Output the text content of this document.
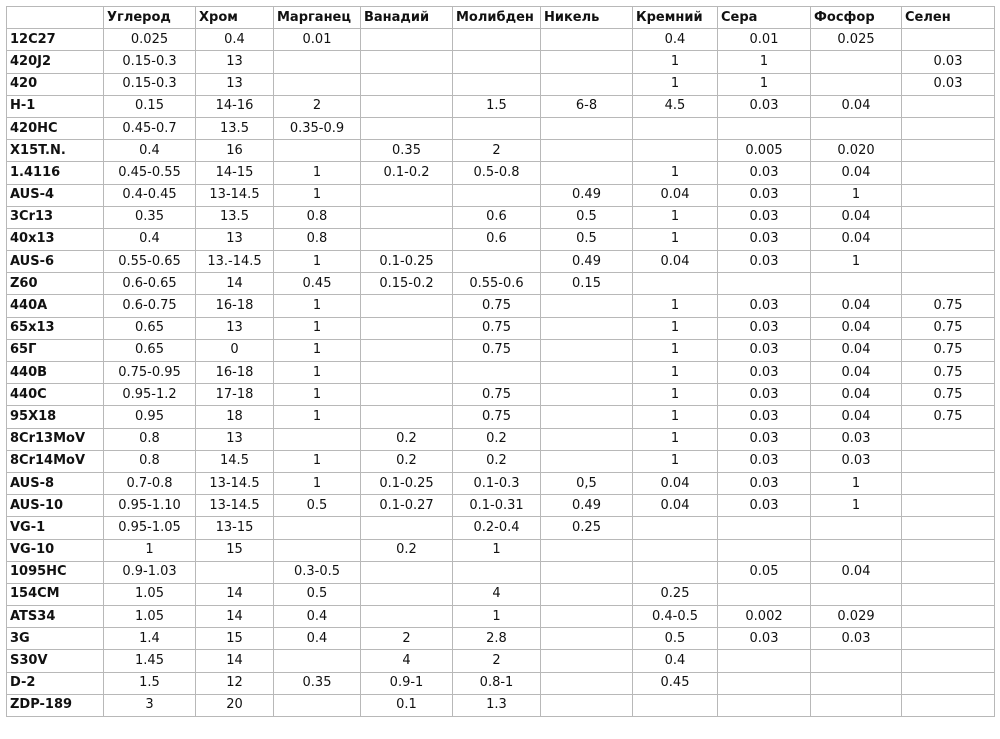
	Углерод	Хром	Марганец	Ванадий	Молибден	Никель	Кремний	Сера	Фосфор	Селен
12C27	0.025	0.4	0.01				0.4	0.01	0.025	
420J2	0.15-0.3	13					1	1		0.03
420	0.15-0.3	13					1	1		0.03
H-1	0.15	14-16	2		1.5	6-8	4.5	0.03	0.04	
420HC	0.45-0.7	13.5	0.35-0.9							
X15T.N.	0.4	16		0.35	2			0.005	0.020	
1.4116	0.45-0.55	14-15	1	0.1-0.2	0.5-0.8		1	0.03	0.04	
AUS-4	0.4-0.45	13-14.5	1			0.49	0.04	0.03	1	
3Cr13	0.35	13.5	0.8		0.6	0.5	1	0.03	0.04	
40x13	0.4	13	0.8		0.6	0.5	1	0.03	0.04	
AUS-6	0.55-0.65	13.-14.5	1	0.1-0.25		0.49	0.04	0.03	1	
Z60	0.6-0.65	14	0.45	0.15-0.2	0.55-0.6	0.15				
440A	0.6-0.75	16-18	1		0.75		1	0.03	0.04	0.75
65x13	0.65	13	1		0.75		1	0.03	0.04	0.75
65Г	0.65	0	1		0.75		1	0.03	0.04	0.75
440B	0.75-0.95	16-18	1				1	0.03	0.04	0.75
440C	0.95-1.2	17-18	1		0.75		1	0.03	0.04	0.75
95X18	0.95	18	1		0.75		1	0.03	0.04	0.75
8Cr13MoV	0.8	13		0.2	0.2		1	0.03	0.03	
8Cr14MoV	0.8	14.5	1	0.2	0.2		1	0.03	0.03	
AUS-8	0.7-0.8	13-14.5	1	0.1-0.25	0.1-0.3	0,5	0.04	0.03	1	
AUS-10	0.95-1.10	13-14.5	0.5	0.1-0.27	0.1-0.31	0.49	0.04	0.03	1	
VG-1	0.95-1.05	13-15			0.2-0.4	0.25				
VG-10	1	15		0.2	1					
1095HC	0.9-1.03		0.3-0.5					0.05	0.04	
154CM	1.05	14	0.5		4		0.25			
ATS34	1.05	14	0.4		1		0.4-0.5	0.002	0.029	
3G	1.4	15	0.4	2	2.8		0.5	0.03	0.03	
S30V	1.45	14		4	2		0.4			
D-2	1.5	12	0.35	0.9-1	0.8-1		0.45			
ZDP-189	3	20		0.1	1.3					
